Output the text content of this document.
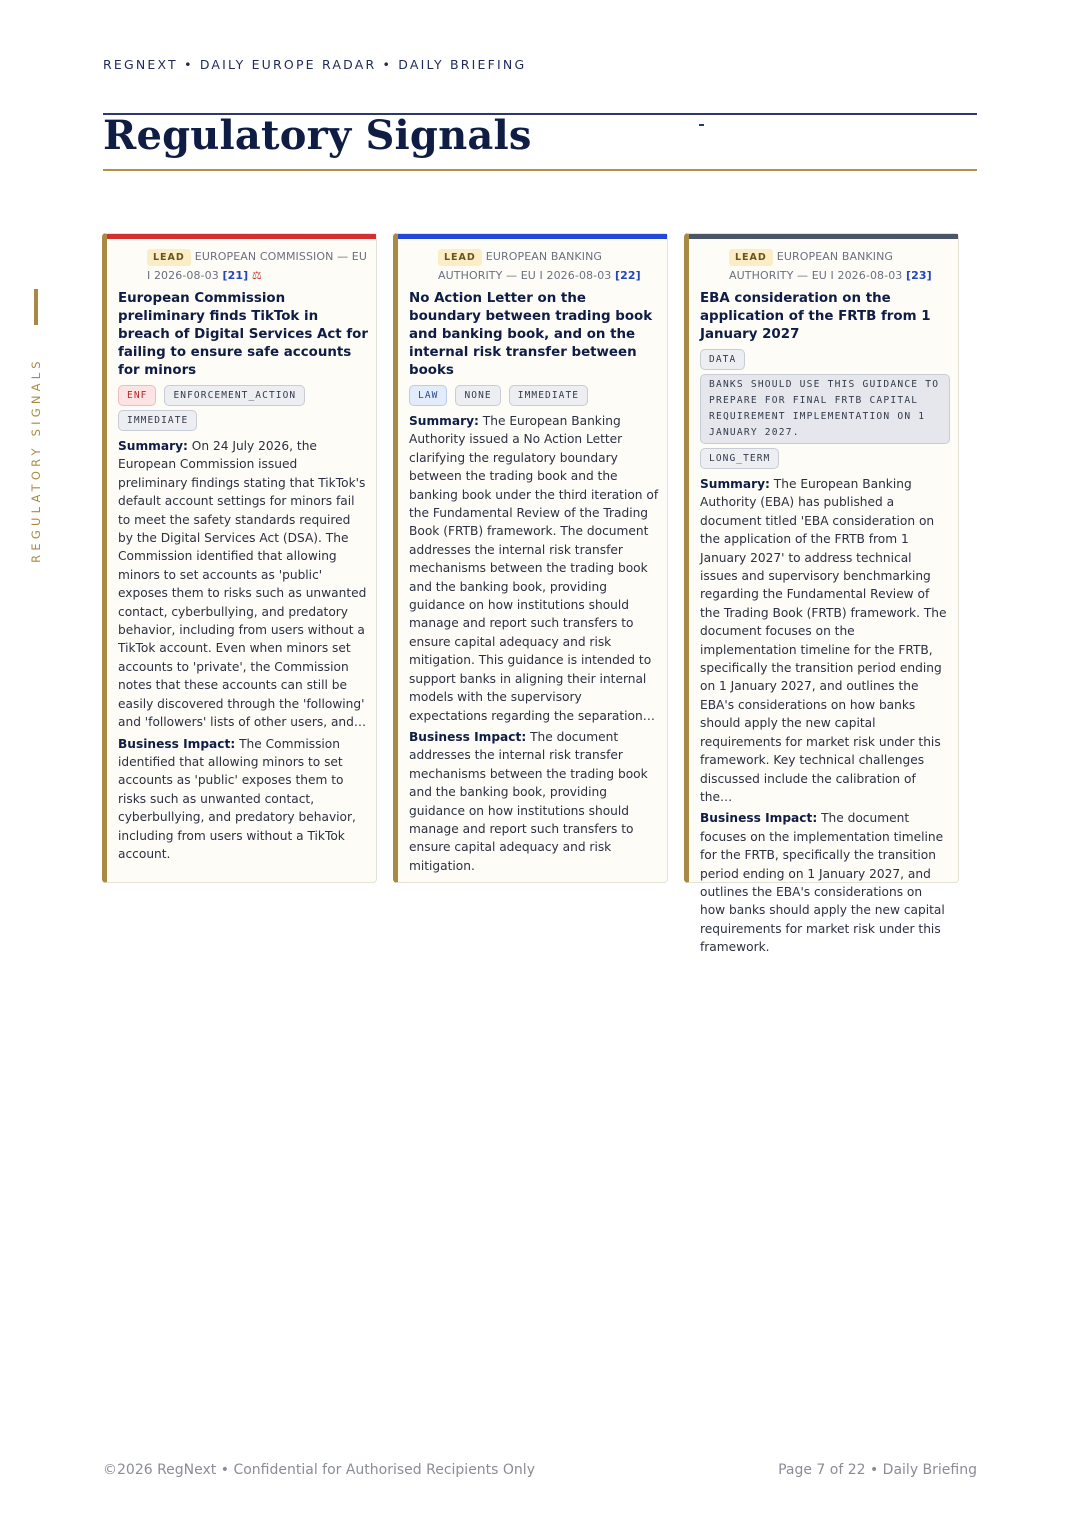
REGNEXT • DAILY EUROPE RADAR • DAILY BRIEFING
Regulatory Signals
REGULATORY SIGNALS
LEAD EUROPEAN COMMISSION — EU I 2026-08-03 [21] ⚖
European Commission preliminary finds TikTok in breach of Digital Services Act for failing to ensure safe accounts for minors
ENF	ENFORCEMENT_ACTION
IMMEDIATE

Summary: On 24 July 2026, the European Commission issued preliminary findings stating that TikTok's default account settings for minors fail to meet the safety standards required by the Digital Services Act (DSA). The Commission identified that allowing minors to set accounts as 'public' exposes them to risks such as unwanted contact, cyberbullying, and predatory behavior, including from users without a TikTok account. Even when minors set accounts to 'private', the Commission notes that these accounts can still be easily discovered through the 'following' and 'followers' lists of other users, and…

Business Impact: The Commission identified that allowing minors to set accounts as 'public' exposes them to risks such as unwanted contact, cyberbullying, and predatory behavior, including from users without a TikTok account.

LEAD EUROPEAN BANKING AUTHORITY — EU I 2026-08-03 [22]
No Action Letter on the boundary between trading book and banking book, and on the internal risk transfer between books
LAW	NONE	IMMEDIATE

Summary: The European Banking Authority issued a No Action Letter clarifying the regulatory boundary between the trading book and the banking book under the third iteration of the Fundamental Review of the Trading Book (FRTB) framework. The document addresses the internal risk transfer mechanisms between the trading book and the banking book, providing guidance on how institutions should manage and report such transfers to ensure capital adequacy and risk mitigation. This guidance is intended to support banks in aligning their internal models with the supervisory expectations regarding the separation…

Business Impact: The document addresses the internal risk transfer mechanisms between the trading book and the banking book, providing guidance on how institutions should manage and report such transfers to ensure capital adequacy and risk mitigation.

LEAD EUROPEAN BANKING AUTHORITY — EU I 2026-08-03 [23]
EBA consideration on the application of the FRTB from 1 January 2027
DATA
BANKS SHOULD USE THIS GUIDANCE TO PREPARE FOR FINAL FRTB CAPITAL REQUIREMENT IMPLEMENTATION ON 1 JANUARY 2027.
LONG_TERM

Summary: The European Banking Authority (EBA) has published a document titled 'EBA consideration on the application of the FRTB from 1 January 2027' to address technical issues and supervisory benchmarking regarding the Fundamental Review of the Trading Book (FRTB) framework. The document focuses on the implementation timeline for the FRTB, specifically the transition period ending on 1 January 2027, and outlines the EBA's considerations on how banks should apply the new capital requirements for market risk under this framework. Key technical challenges discussed include the calibration of the…

Business Impact: The document focuses on the implementation timeline for the FRTB, specifically the transition period ending on 1 January 2027, and outlines the EBA's considerations on how banks should apply the new capital requirements for market risk under this framework.

©2026 RegNext • Confidential for Authorised Recipients Only	Page 7 of 22 • Daily Briefing
